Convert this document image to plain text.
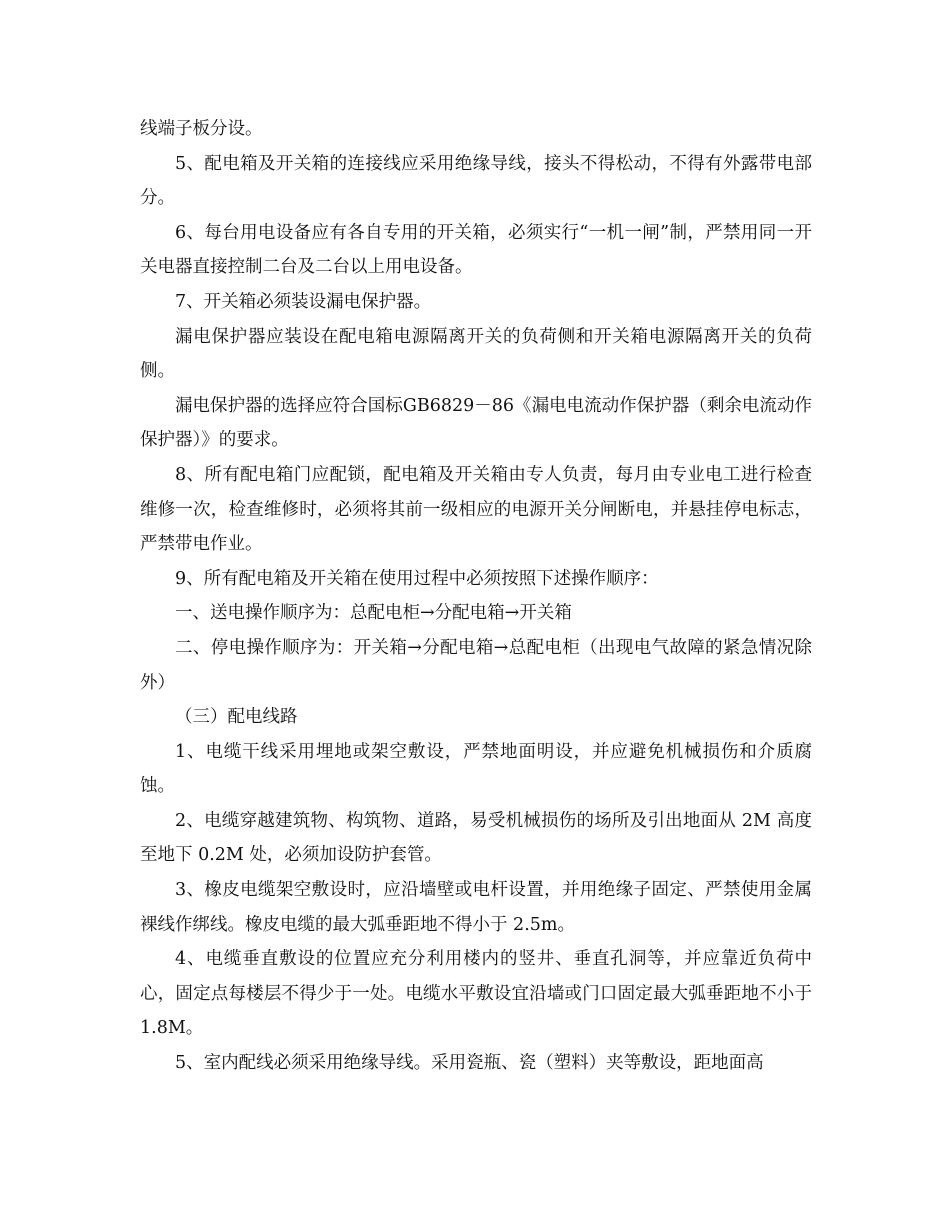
线端子板分设。

5、配电箱及开关箱的连接线应采用绝缘导线，接头不得松动，不得有外露带电部分。

6、每台用电设备应有各自专用的开关箱，必须实行“一机一闸”制，严禁用同一开关电器直接控制二台及二台以上用电设备。

7、开关箱必须装设漏电保护器。

漏电保护器应装设在配电箱电源隔离开关的负荷侧和开关箱电源隔离开关的负荷侧。

漏电保护器的选择应符合国标GB6829－86《漏电电流动作保护器（剩余电流动作保护器）》的要求。

8、所有配电箱门应配锁，配电箱及开关箱由专人负责，每月由专业电工进行检查维修一次，检查维修时，必须将其前一级相应的电源开关分闸断电，并悬挂停电标志，严禁带电作业。

9、所有配电箱及开关箱在使用过程中必须按照下述操作顺序：

一、送电操作顺序为：总配电柜→分配电箱→开关箱

二、停电操作顺序为：开关箱→分配电箱→总配电柜（出现电气故障的紧急情况除外）

（三）配电线路

1、电缆干线采用埋地或架空敷设，严禁地面明设，并应避免机械损伤和介质腐蚀。

2、电缆穿越建筑物、构筑物、道路，易受机械损伤的场所及引出地面从 2M 高度至地下 0.2M 处，必须加设防护套管。

3、橡皮电缆架空敷设时，应沿墙壁或电杆设置，并用绝缘子固定、严禁使用金属裸线作绑线。橡皮电缆的最大弧垂距地不得小于 2.5m。

4、电缆垂直敷设的位置应充分利用楼内的竖井、垂直孔洞等，并应靠近负荷中心，固定点每楼层不得少于一处。电缆水平敷设宜沿墙或门口固定最大弧垂距地不小于 1.8M。

5、室内配线必须采用绝缘导线。采用瓷瓶、瓷（塑料）夹等敷设，距地面高
